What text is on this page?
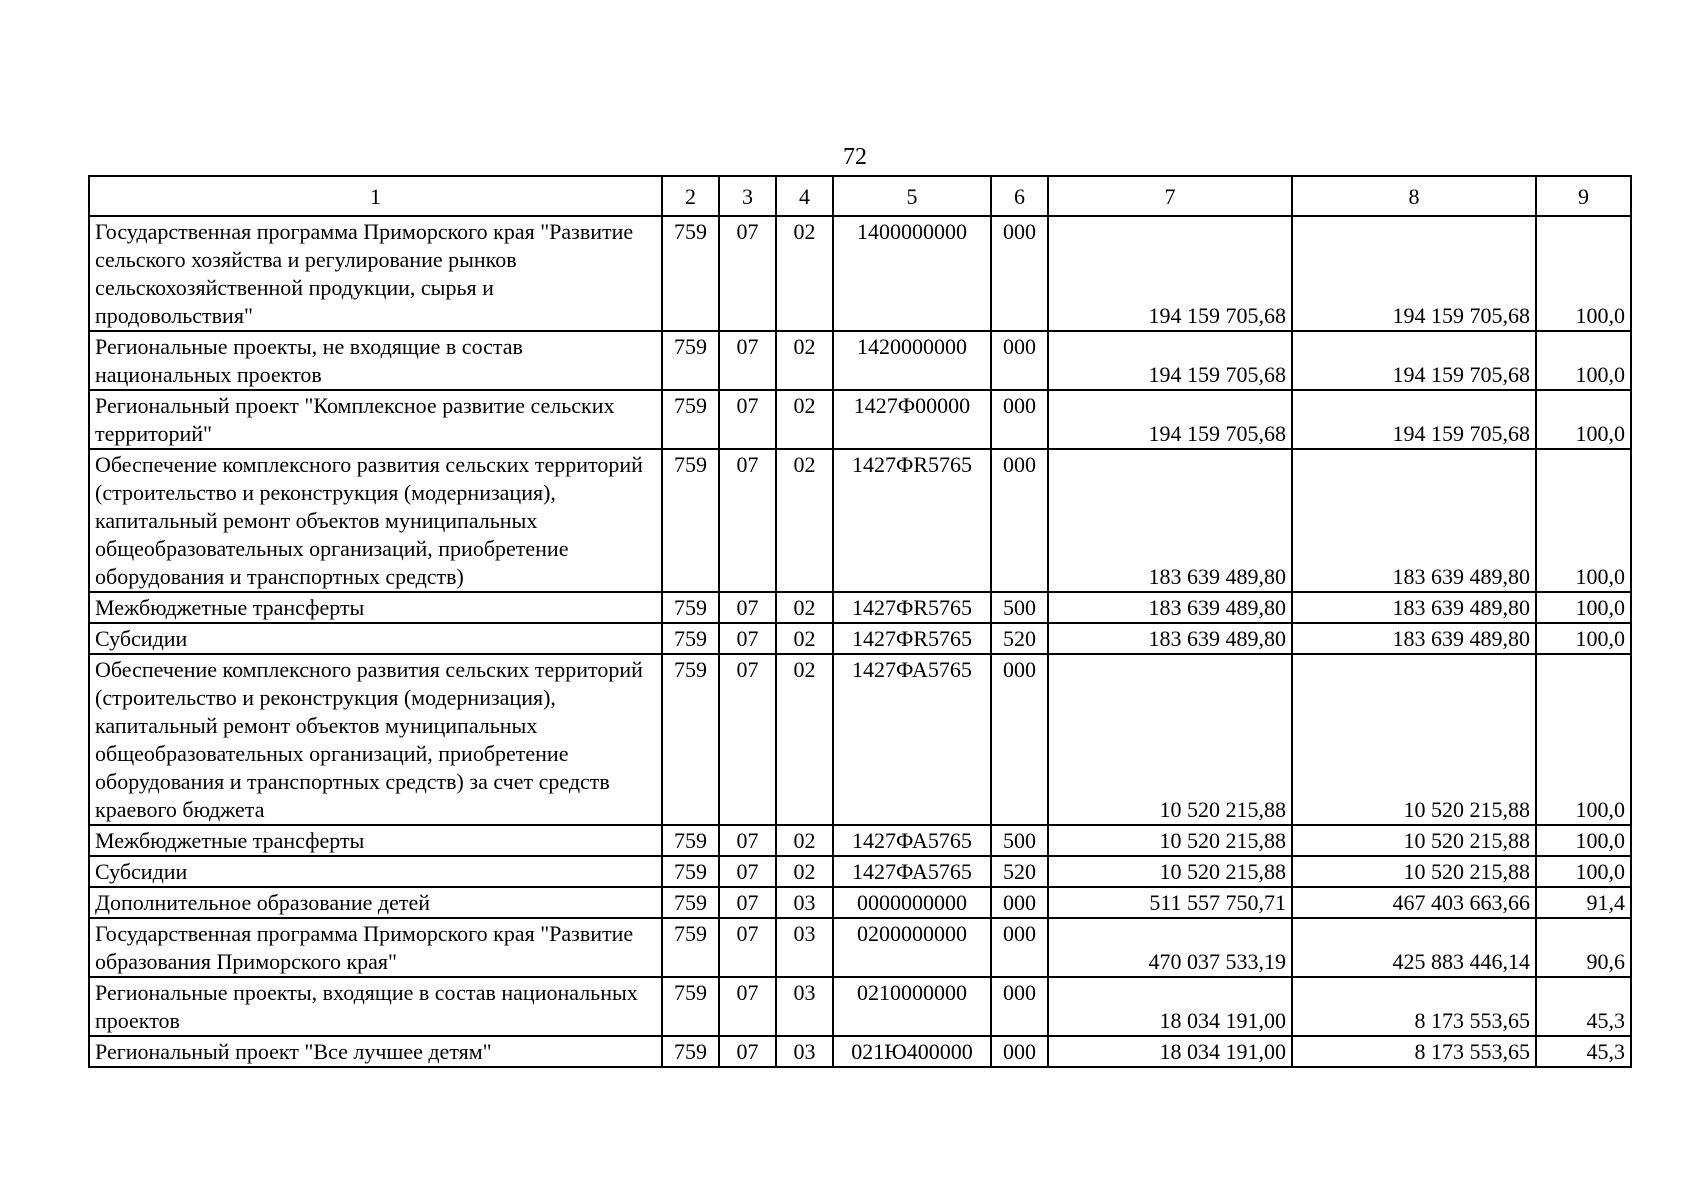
72
1	2	3	4	5	6	7	8	9
Государственная программа Приморского края "Развитие сельского хозяйства и регулирование рынков сельскохозяйственной продукции, сырья и продовольствия"	759	07	02	1400000000	000	194 159 705,68	194 159 705,68	100,0
Региональные проекты, не входящие в состав национальных проектов	759	07	02	1420000000	000	194 159 705,68	194 159 705,68	100,0
Региональный проект "Комплексное развитие сельских территорий"	759	07	02	1427Ф00000	000	194 159 705,68	194 159 705,68	100,0
Обеспечение комплексного развития сельских территорий (строительство и реконструкция (модернизация), капитальный ремонт объектов муниципальных общеобразовательных организаций, приобретение оборудования и транспортных средств)	759	07	02	1427ФR5765	000	183 639 489,80	183 639 489,80	100,0
Межбюджетные трансферты	759	07	02	1427ФR5765	500	183 639 489,80	183 639 489,80	100,0
Субсидии	759	07	02	1427ФR5765	520	183 639 489,80	183 639 489,80	100,0
Обеспечение комплексного развития сельских территорий (строительство и реконструкция (модернизация), капитальный ремонт объектов муниципальных общеобразовательных организаций, приобретение оборудования и транспортных средств) за счет средств краевого бюджета	759	07	02	1427ФА5765	000	10 520 215,88	10 520 215,88	100,0
Межбюджетные трансферты	759	07	02	1427ФА5765	500	10 520 215,88	10 520 215,88	100,0
Субсидии	759	07	02	1427ФА5765	520	10 520 215,88	10 520 215,88	100,0
Дополнительное образование детей	759	07	03	0000000000	000	511 557 750,71	467 403 663,66	91,4
Государственная программа Приморского края "Развитие образования Приморского края"	759	07	03	0200000000	000	470 037 533,19	425 883 446,14	90,6
Региональные проекты, входящие в состав национальных проектов	759	07	03	0210000000	000	18 034 191,00	8 173 553,65	45,3
Региональный проект "Все лучшее детям"	759	07	03	021Ю400000	000	18 034 191,00	8 173 553,65	45,3
